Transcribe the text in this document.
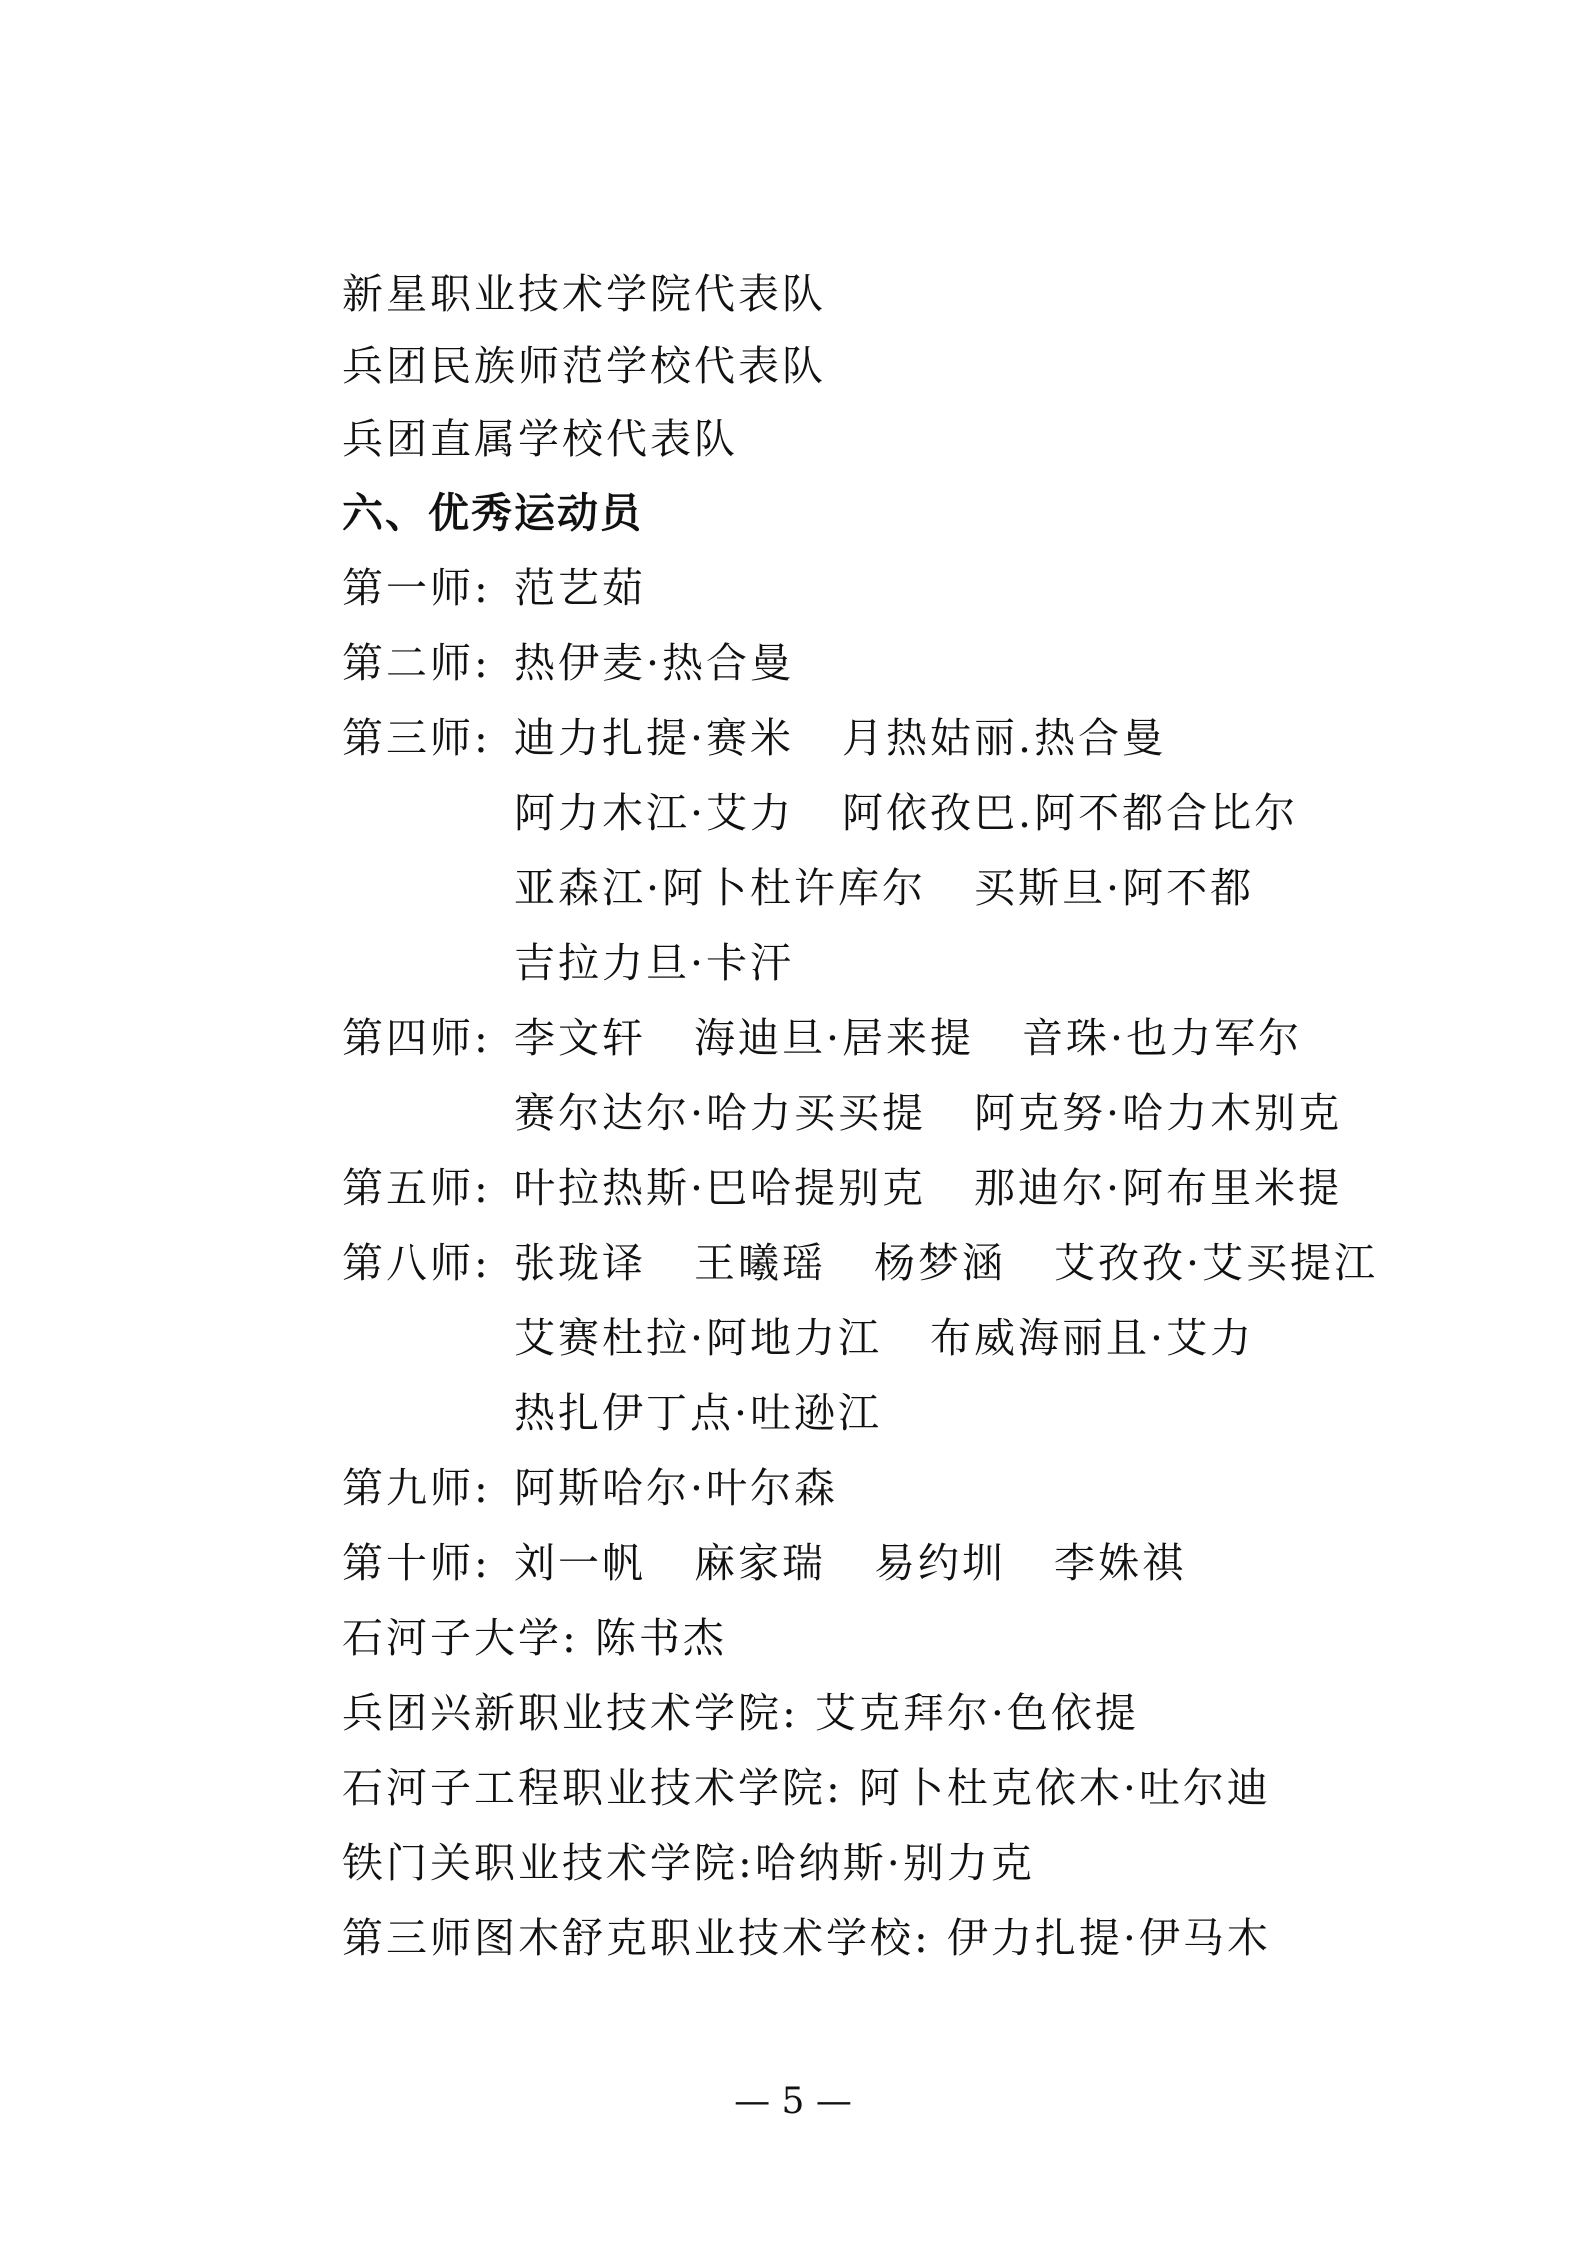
新星职业技术学院代表队
兵团民族师范学校代表队
兵团直属学校代表队
六、优秀运动员
第一师: 范艺茹
第二师: 热伊麦·热合曼
第三师: 迪力扎提·赛米 月热姑丽.热合曼
阿力木江·艾力 阿依孜巴.阿不都合比尔
亚森江·阿卜杜许库尔 买斯旦·阿不都
吉拉力旦·卡汗
第四师: 李文轩 海迪旦·居来提 音珠·也力军尔
赛尔达尔·哈力买买提 阿克努·哈力木别克
第五师: 叶拉热斯·巴哈提别克 那迪尔·阿布里米提
第八师: 张珑译 王曦瑶 杨梦涵 艾孜孜·艾买提江
艾赛杜拉·阿地力江 布威海丽且·艾力
热扎伊丁点·吐逊江
第九师: 阿斯哈尔·叶尔森
第十师: 刘一帆 麻家瑞 易约圳 李姝祺
石河子大学: 陈书杰
兵团兴新职业技术学院: 艾克拜尔·色依提
石河子工程职业技术学院: 阿卜杜克依木·吐尔迪
铁门关职业技术学院:哈纳斯·别力克
第三师图木舒克职业技术学校: 伊力扎提·伊马木
— 5 —
